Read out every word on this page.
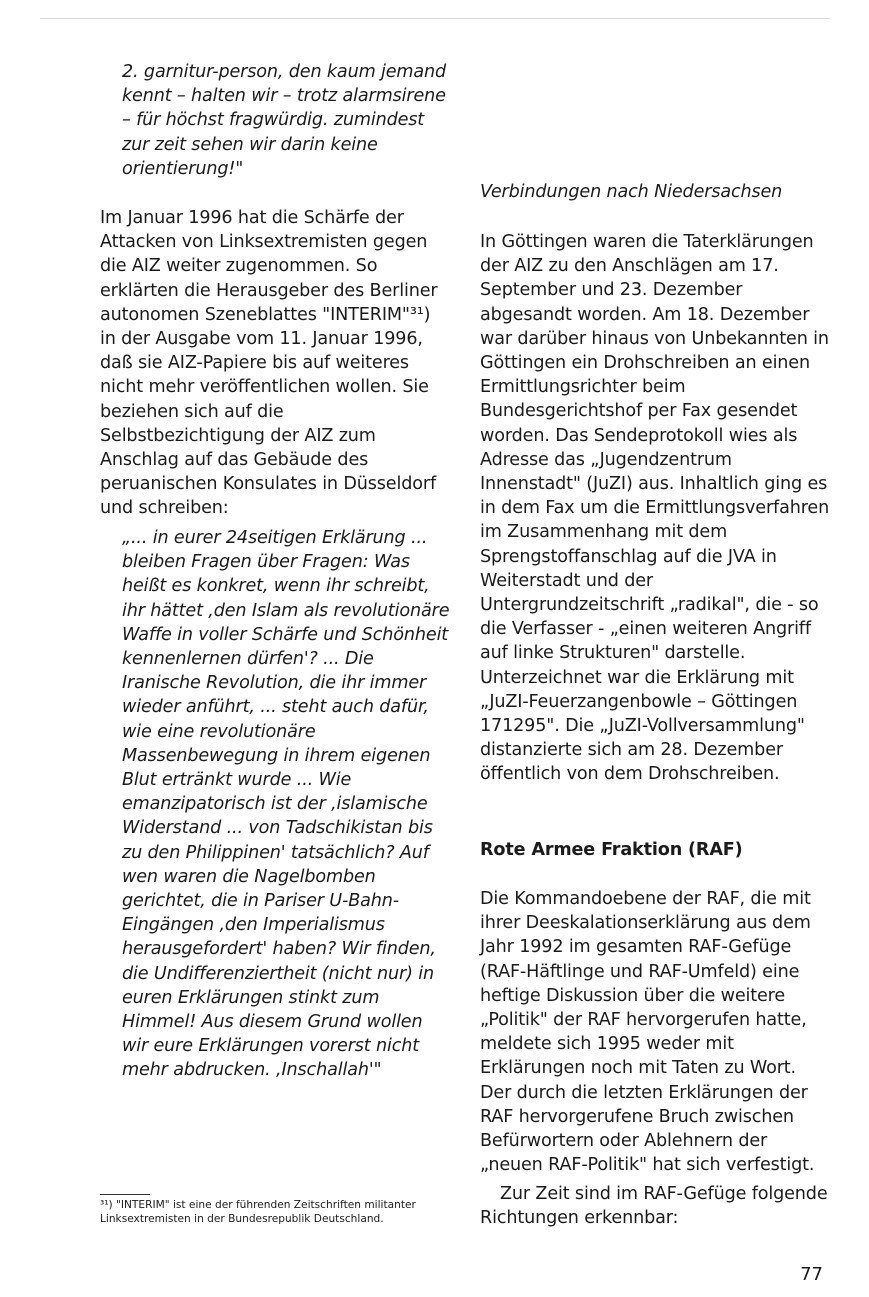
2. garnitur-person, den kaum jemand kennt – halten wir – trotz alarmsirene – für höchst fragwürdig. zumindest zur zeit sehen wir darin keine orientierung!"

Im Januar 1996 hat die Schärfe der Attacken von Linksextremisten gegen die AIZ weiter zugenommen. So erklärten die Herausgeber des Berliner autonomen Szeneblattes "INTERIM"³¹) in der Ausgabe vom 11. Januar 1996, daß sie AIZ-Papiere bis auf weiteres nicht mehr veröffentlichen wollen. Sie beziehen sich auf die Selbstbezichtigung der AIZ zum Anschlag auf das Gebäude des peruanischen Konsulates in Düsseldorf und schreiben:

„... in eurer 24seitigen Erklärung ... bleiben Fragen über Fragen: Was heißt es konkret, wenn ihr schreibt, ihr hättet ‚den Islam als revolutionäre Waffe in voller Schärfe und Schönheit kennenlernen dürfen'? ... Die Iranische Revolution, die ihr immer wieder anführt, ... steht auch dafür, wie eine revolutionäre Massenbewegung in ihrem eigenen Blut ertränkt wurde ... Wie emanzipatorisch ist der ‚islamische Widerstand ... von Tadschikistan bis zu den Philippinen' tatsächlich? Auf wen waren die Nagelbomben gerichtet, die in Pariser U-Bahn-Eingängen ‚den Imperialismus herausgefordert' haben? Wir finden, die Undifferenziertheit (nicht nur) in euren Erklärungen stinkt zum Himmel! Aus diesem Grund wollen wir eure Erklärungen vorerst nicht mehr abdrucken. ‚Inschallah'"

³¹) "INTERIM" ist eine der führenden Zeitschriften militanter Linksextremisten in der Bundesrepublik Deutschland.

Verbindungen nach Niedersachsen

In Göttingen waren die Taterklärungen der AIZ zu den Anschlägen am 17. September und 23. Dezember abgesandt worden. Am 18. Dezember war darüber hinaus von Unbekannten in Göttingen ein Drohschreiben an einen Ermittlungsrichter beim Bundesgerichtshof per Fax gesendet worden. Das Sendeprotokoll wies als Adresse das „Jugendzentrum Innenstadt" (JuZI) aus. Inhaltlich ging es in dem Fax um die Ermittlungsverfahren im Zusammenhang mit dem Sprengstoffanschlag auf die JVA in Weiterstadt und der Untergrundzeitschrift „radikal", die - so die Verfasser - „einen weiteren Angriff auf linke Strukturen" darstelle. Unterzeichnet war die Erklärung mit „JuZI-Feuerzangenbowle – Göttingen 171295". Die „JuZI-Vollversammlung" distanzierte sich am 28. Dezember öffentlich von dem Drohschreiben.

Rote Armee Fraktion (RAF)

Die Kommandoebene der RAF, die mit ihrer Deeskalationserklärung aus dem Jahr 1992 im gesamten RAF-Gefüge (RAF-Häftlinge und RAF-Umfeld) eine heftige Diskussion über die weitere „Politik" der RAF hervorgerufen hatte, meldete sich 1995 weder mit Erklärungen noch mit Taten zu Wort. Der durch die letzten Erklärungen der RAF hervorgerufene Bruch zwischen Befürwortern oder Ablehnern der „neuen RAF-Politik" hat sich verfestigt.

Zur Zeit sind im RAF-Gefüge folgende Richtungen erkennbar:

77
